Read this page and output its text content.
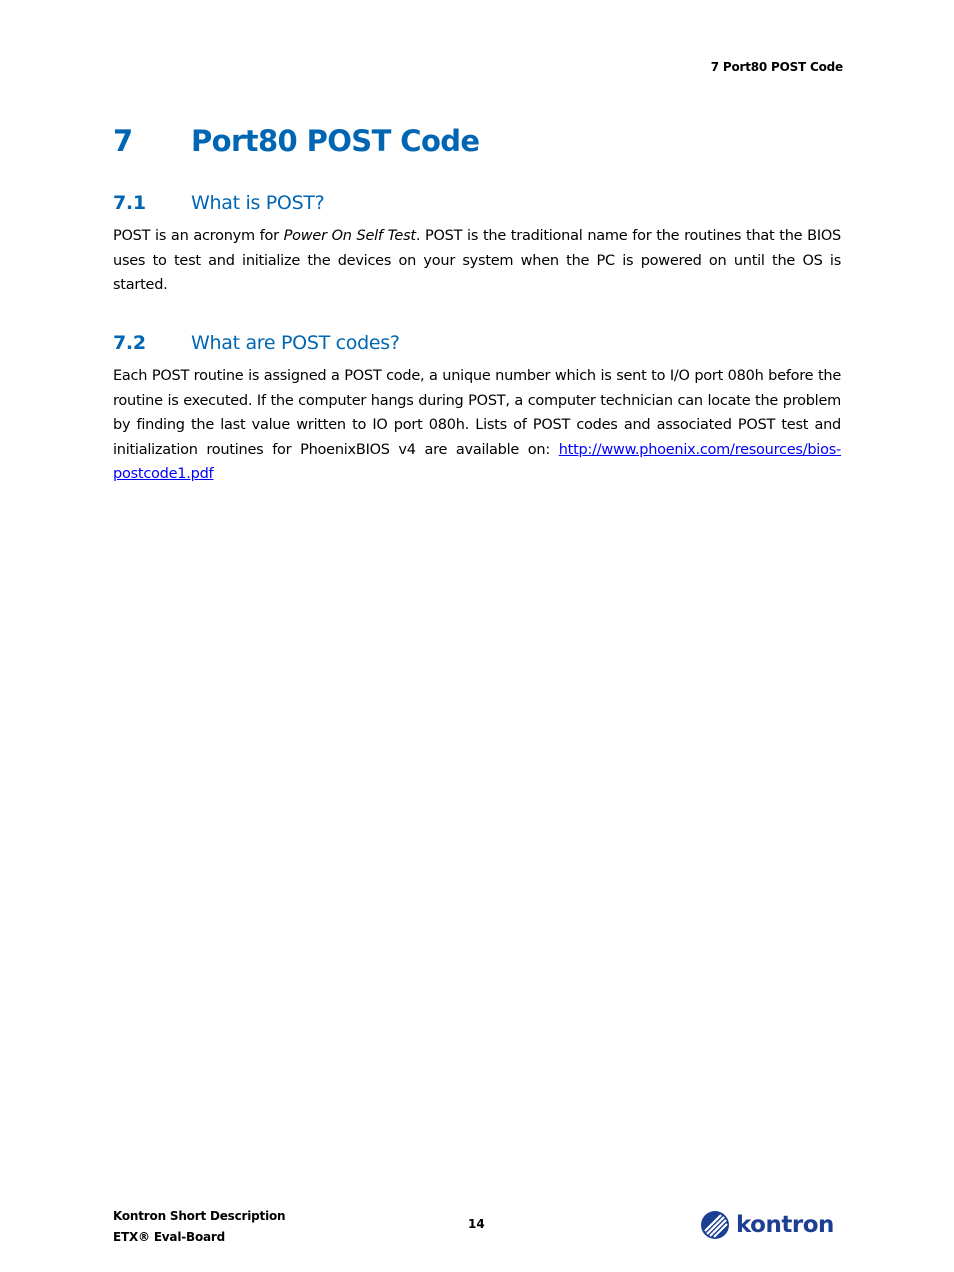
7 Port80 POST Code
7 Port80 POST Code
7.1 What is POST?

POST is an acronym for Power On Self Test. POST is the traditional name for the routines that the BIOS uses to test and initialize the devices on your system when the PC is powered on until the OS is started.

7.2 What are POST codes?

Each POST routine is assigned a POST code, a unique number which is sent to I/O port 080h before the routine is executed. If the computer hangs during POST, a computer technician can locate the problem by finding the last value written to IO port 080h. Lists of POST codes and associated POST test and initialization routines for PhoenixBIOS v4 are available on: http://www.phoenix.com/resources/bios-postcode1.pdf

Kontron Short Description
ETX® Eval-Board
14	kontron
